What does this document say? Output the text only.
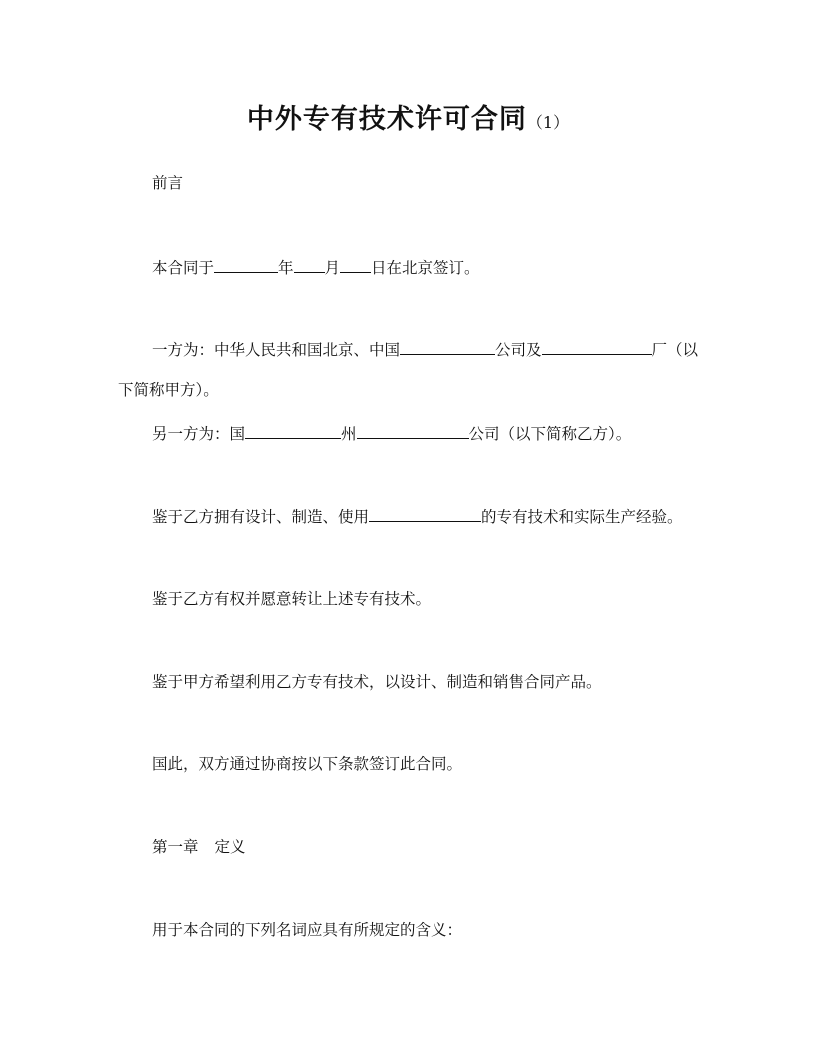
中外专有技术许可合同（1）
前言
本合同于	年 月 日在北京签订。
一方为：中华人民共和国北京、中国	公司及	厂（以
下简称甲方）。
另一方为：国	州	公司（以下简称乙方）。
鉴于乙方拥有设计、制造、使用	的专有技术和实际生产经验。
鉴于乙方有权并愿意转让上述专有技术。
鉴于甲方希望利用乙方专有技术，以设计、制造和销售合同产品。
国此，双方通过协商按以下条款签订此合同。
第一章 定义
用于本合同的下列名词应具有所规定的含义：
